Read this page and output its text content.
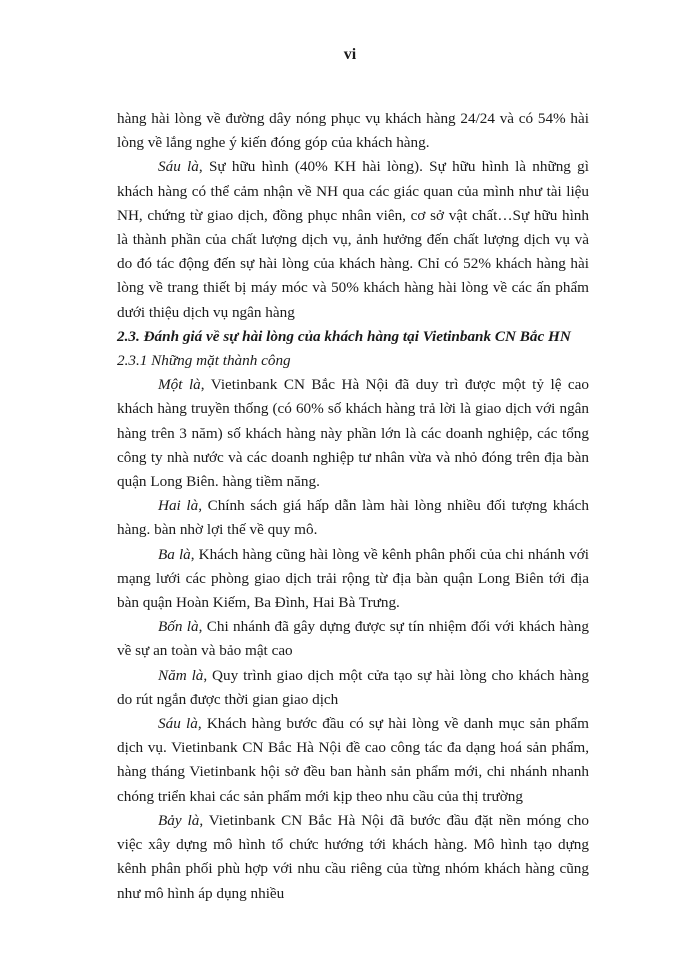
vi

hàng hài lòng về đường dây nóng phục vụ khách hàng 24/24 và có 54% hài lòng về lắng nghe ý kiến đóng góp của khách hàng.

Sáu là, Sự hữu hình (40% KH hài lòng). Sự hữu hình là những gì khách hàng có thể cảm nhận về NH qua các giác quan của mình như tài liệu NH, chứng từ giao dịch, đồng phục nhân viên, cơ sở vật chất…Sự hữu hình là thành phần của chất lượng dịch vụ, ảnh hưởng đến chất lượng dịch vụ và do đó tác động đến sự hài lòng của khách hàng. Chỉ có 52% khách hàng hài lòng về trang thiết bị máy móc và 50% khách hàng hài lòng về các ấn phẩm dưới thiệu dịch vụ ngân hàng

2.3. Đánh giá về sự hài lòng của khách hàng tại Vietinbank CN Bắc HN

2.3.1 Những mặt thành công

Một là, Vietinbank CN Bắc Hà Nội đã duy trì được một tỷ lệ cao khách hàng truyền thống (có 60% số khách hàng trả lời là giao dịch với ngân hàng trên 3 năm) số khách hàng này phần lớn là các doanh nghiệp, các tổng công ty nhà nước và các doanh nghiệp tư nhân vừa và nhỏ đóng trên địa bàn quận Long Biên. hàng tiềm năng.

Hai là, Chính sách giá hấp dẫn làm hài lòng nhiều đối tượng khách hàng. bàn nhờ lợi thế về quy mô.

Ba là, Khách hàng cũng hài lòng về kênh phân phối của chi nhánh với mạng lưới các phòng giao dịch trải rộng từ địa bàn quận Long Biên tới địa bàn quận Hoàn Kiếm, Ba Đình, Hai Bà Trưng.

Bốn là, Chi nhánh đã gây dựng được sự tín nhiệm đối với khách hàng về sự an toàn và bảo mật cao

Năm là, Quy trình giao dịch một cửa tạo sự hài lòng cho khách hàng do rút ngắn được thời gian giao dịch

Sáu là, Khách hàng bước đầu có sự hài lòng về danh mục sản phẩm dịch vụ. Vietinbank CN Bắc Hà Nội đề cao công tác đa dạng hoá sản phẩm, hàng tháng Vietinbank hội sở đều ban hành sản phẩm mới, chi nhánh nhanh chóng triển khai các sản phẩm mới kịp theo nhu cầu của thị trường

Bảy là, Vietinbank CN Bắc Hà Nội đã bước đầu đặt nền móng cho việc xây dựng mô hình tổ chức hướng tới khách hàng. Mô hình tạo dựng kênh phân phối phù hợp với nhu cầu riêng của từng nhóm khách hàng cũng như mô hình áp dụng nhiều
